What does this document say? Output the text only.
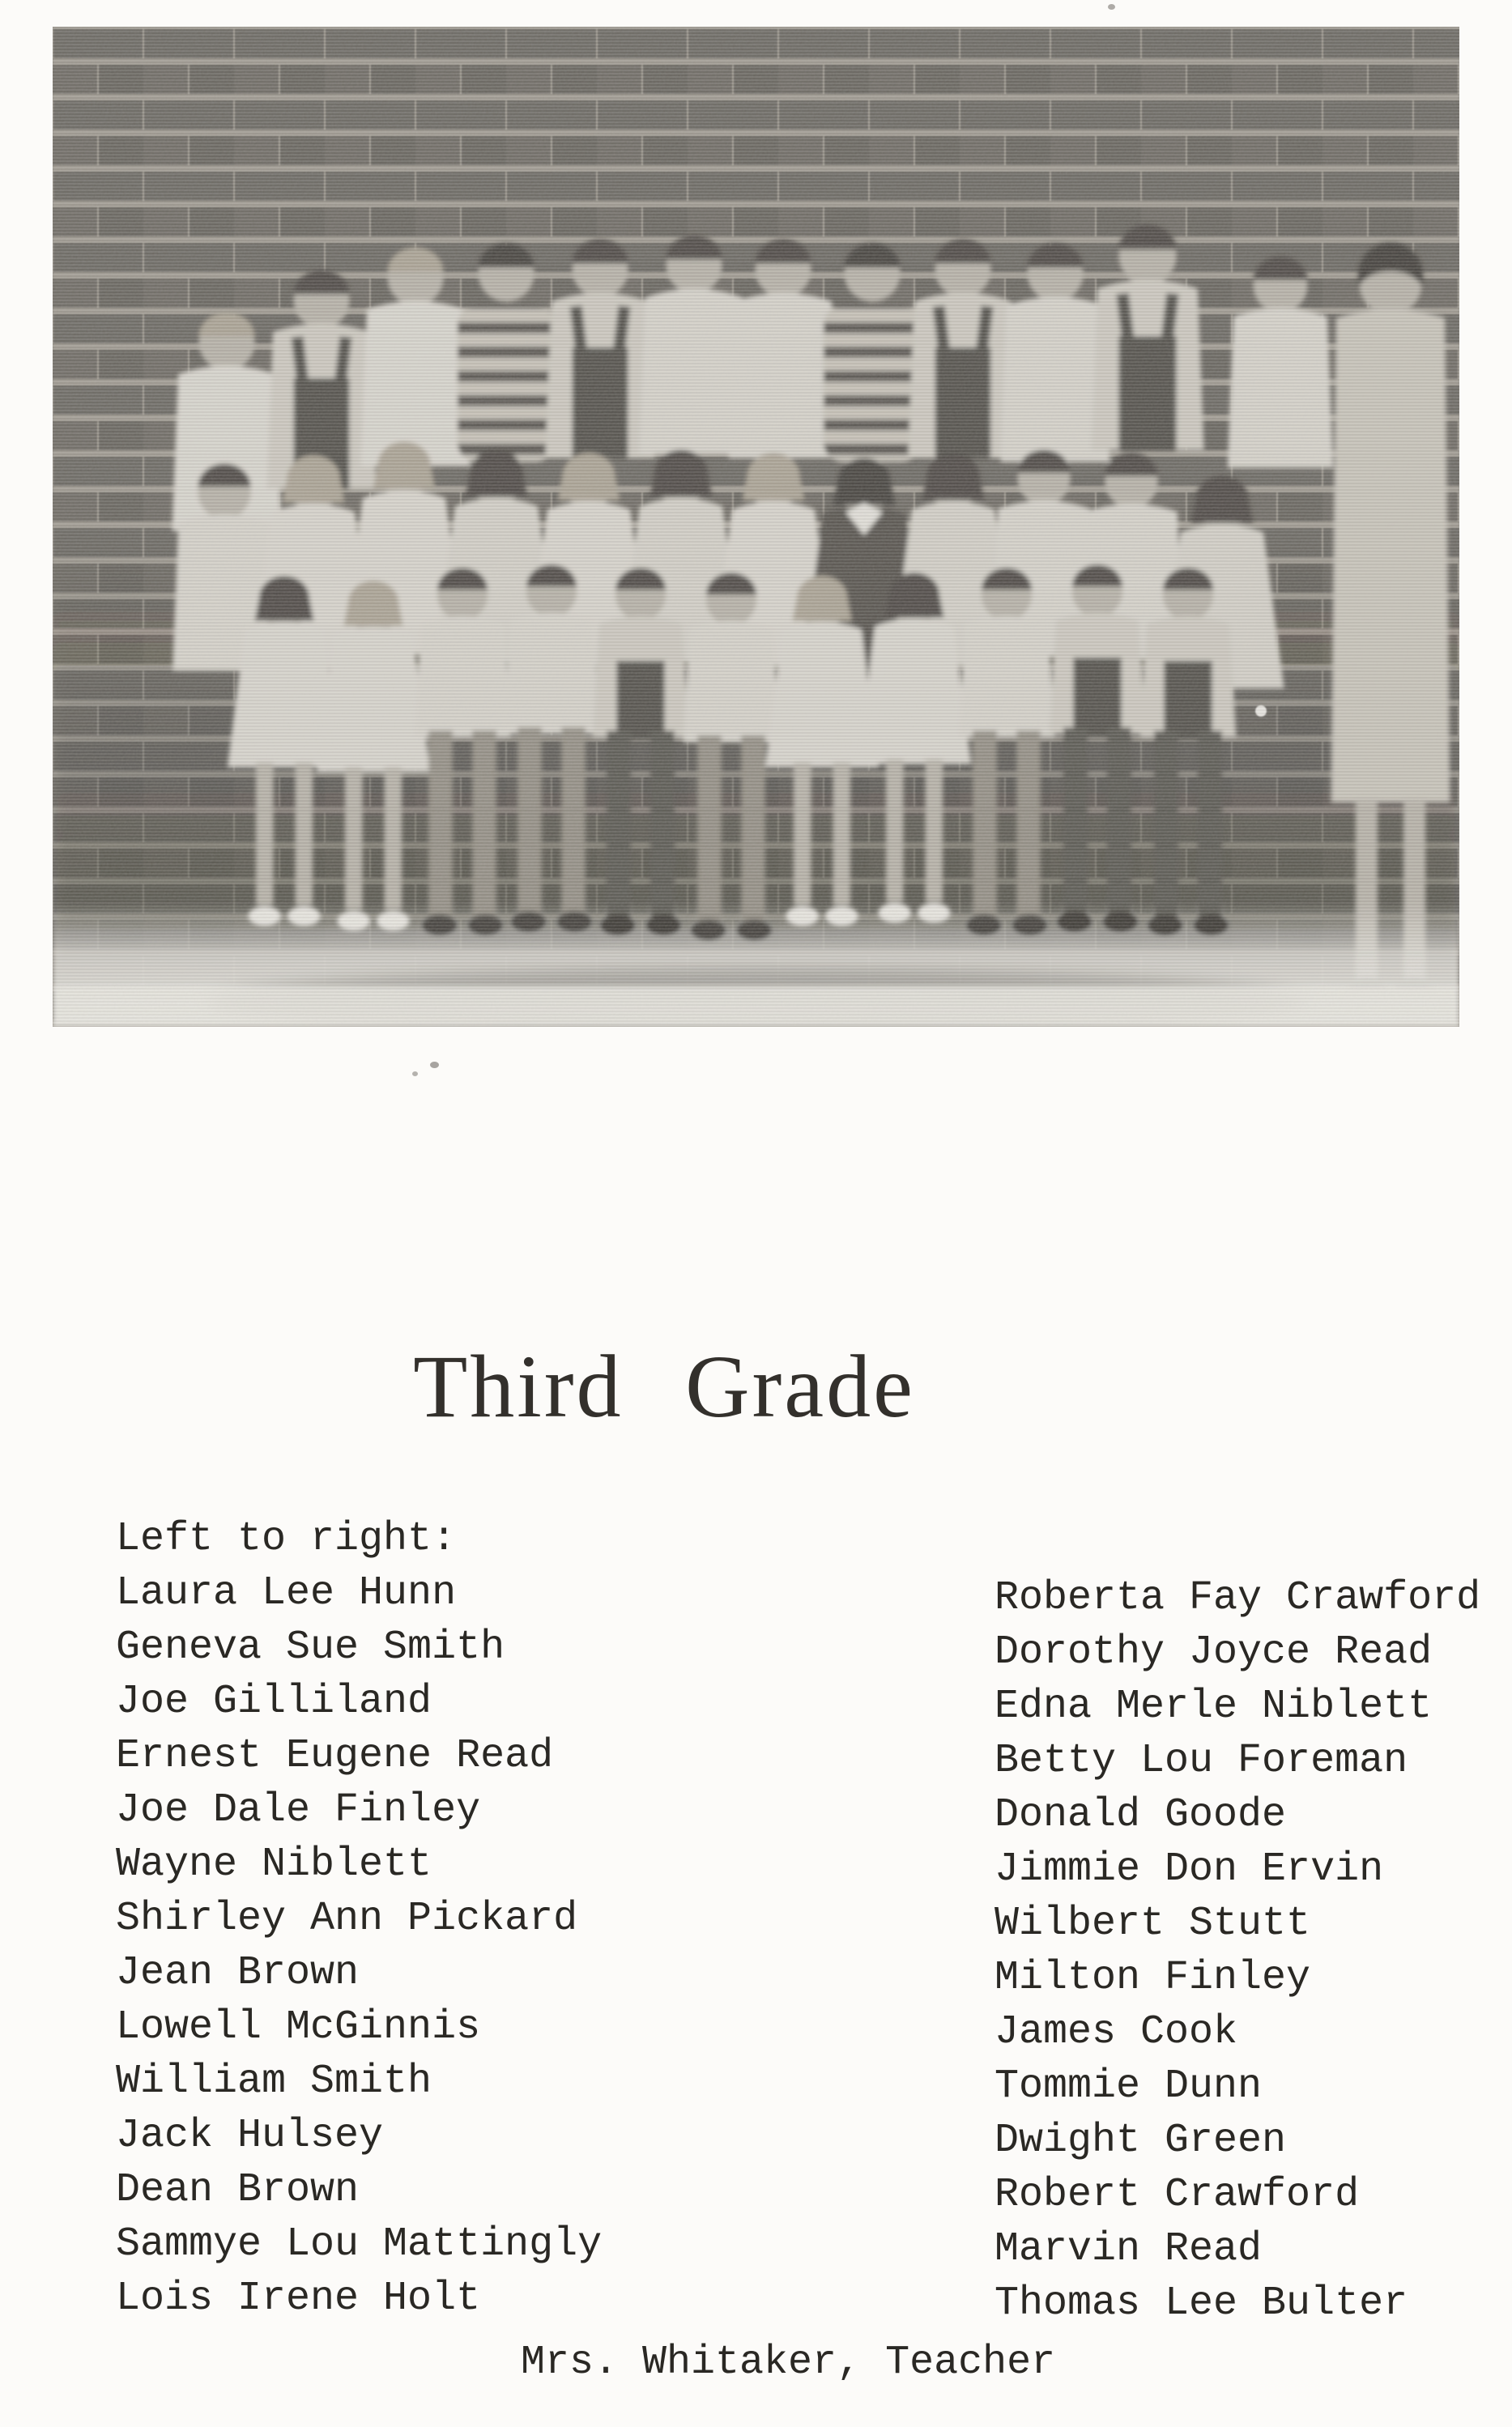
Third Grade
Left to right:
Laura Lee Hunn
Geneva Sue Smith
Joe Gilliland
Ernest Eugene Read
Joe Dale Finley
Wayne Niblett
Shirley Ann Pickard
Jean Brown
Lowell McGinnis
William Smith
Jack Hulsey
Dean Brown
Sammye Lou Mattingly
Lois Irene Holt
Roberta Fay Crawford
Dorothy Joyce Read
Edna Merle Niblett
Betty Lou Foreman
Donald Goode
Jimmie Don Ervin
Wilbert Stutt
Milton Finley
James Cook
Tommie Dunn
Dwight Green
Robert Crawford
Marvin Read
Thomas Lee Bulter
Mrs. Whitaker, Teacher
